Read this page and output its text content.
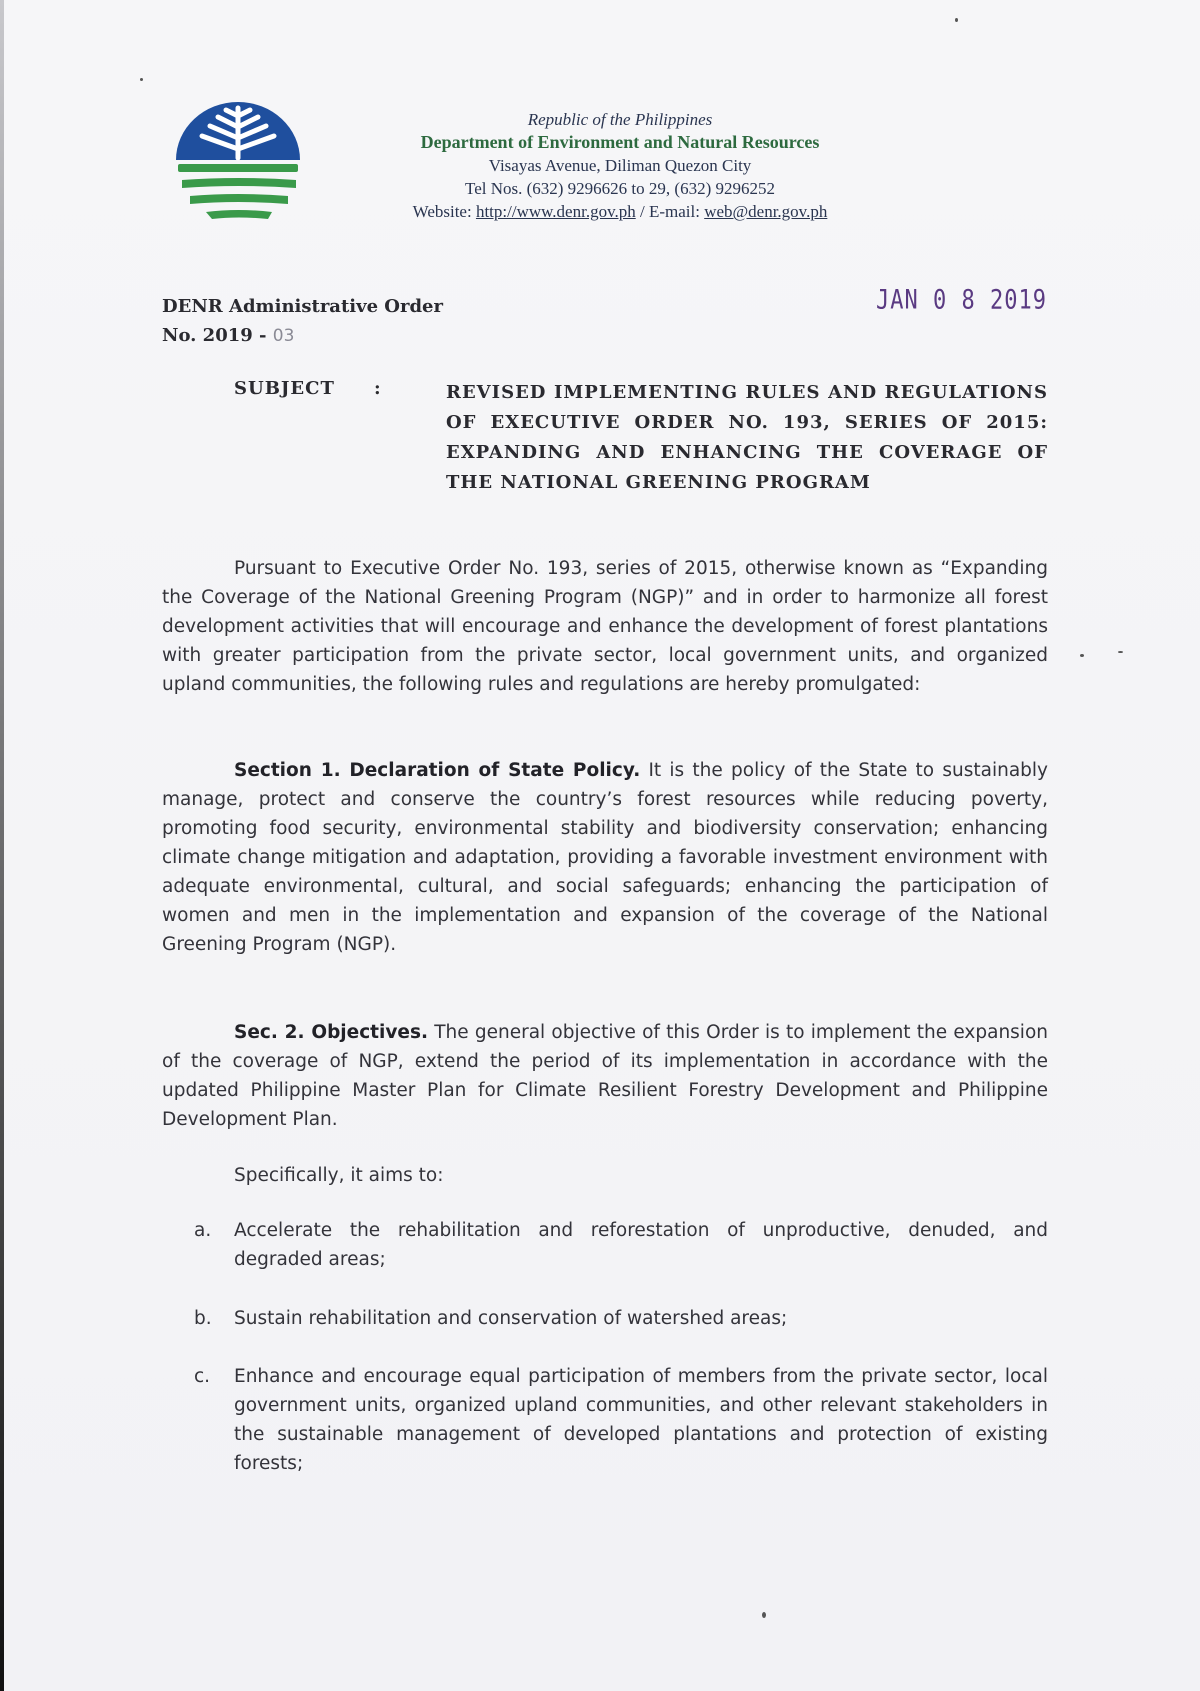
Republic of the Philippines
Department of Environment and Natural Resources
Visayas Avenue, Diliman Quezon City
Tel Nos. (632) 9296626 to 29, (632) 9296252
Website: http://www.denr.gov.ph / E-mail: web@denr.gov.ph
DENR Administrative Order
No. 2019 - 03
JAN 0 8 2019
SUBJECT :	REVISED IMPLEMENTING RULES AND REGULATIONS OF EXECUTIVE ORDER NO. 193, SERIES OF 2015: EXPANDING AND ENHANCING THE COVERAGE OF THE NATIONAL GREENING PROGRAM
Pursuant to Executive Order No. 193, series of 2015, otherwise known as “Expanding the Coverage of the National Greening Program (NGP)” and in order to harmonize all forest development activities that will encourage and enhance the development of forest plantations with greater participation from the private sector, local government units, and organized upland communities, the following rules and regulations are hereby promulgated:
Section 1. Declaration of State Policy. It is the policy of the State to sustainably manage, protect and conserve the country’s forest resources while reducing poverty, promoting food security, environmental stability and biodiversity conservation; enhancing climate change mitigation and adaptation, providing a favorable investment environment with adequate environmental, cultural, and social safeguards; enhancing the participation of women and men in the implementation and expansion of the coverage of the National Greening Program (NGP).
Sec. 2. Objectives. The general objective of this Order is to implement the expansion of the coverage of NGP, extend the period of its implementation in accordance with the updated Philippine Master Plan for Climate Resilient Forestry Development and Philippine Development Plan.
Specifically, it aims to:
a.	Accelerate the rehabilitation and reforestation of unproductive, denuded, and degraded areas;
b.	Sustain rehabilitation and conservation of watershed areas;
c.	Enhance and encourage equal participation of members from the private sector, local government units, organized upland communities, and other relevant stakeholders in the sustainable management of developed plantations and protection of existing forests;
